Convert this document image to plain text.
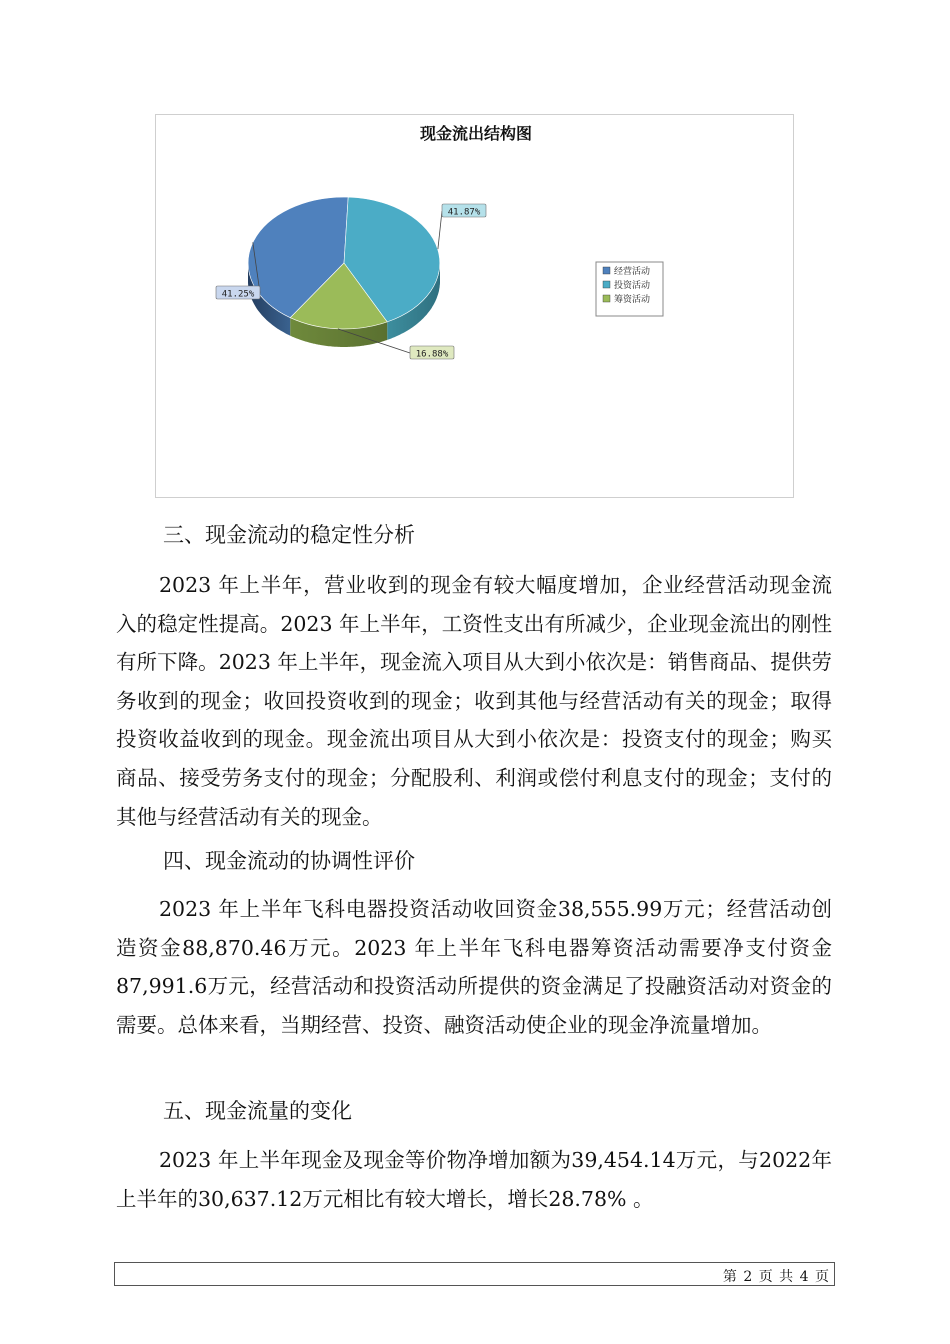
现金流出结构图
41.25%
41.87%
16.88%
经营活动
投资活动
筹资活动
三、现金流动的稳定性分析

2023 年上半年，营业收到的现金有较大幅度增加，企业经营活动现金流入的稳定性提高。2023 年上半年，工资性支出有所减少，企业现金流出的刚性有所下降。2023 年上半年，现金流入项目从大到小依次是：销售商品、提供劳务收到的现金；收回投资收到的现金；收到其他与经营活动有关的现金；取得投资收益收到的现金。现金流出项目从大到小依次是：投资支付的现金；购买商品、接受劳务支付的现金；分配股利、利润或偿付利息支付的现金；支付的其他与经营活动有关的现金。

四、现金流动的协调性评价

2023 年上半年飞科电器投资活动收回资金38,555.99万元；经营活动创造资金88,870.46万元。2023 年上半年飞科电器筹资活动需要净支付资金87,991.6万元，经营活动和投资活动所提供的资金满足了投融资活动对资金的需要。总体来看，当期经营、投资、融资活动使企业的现金净流量增加。

五、现金流量的变化

2023 年上半年现金及现金等价物净增加额为39,454.14万元，与2022年上半年的30,637.12万元相比有较大增长，增长28.78% 。

第 2 页 共 4 页
